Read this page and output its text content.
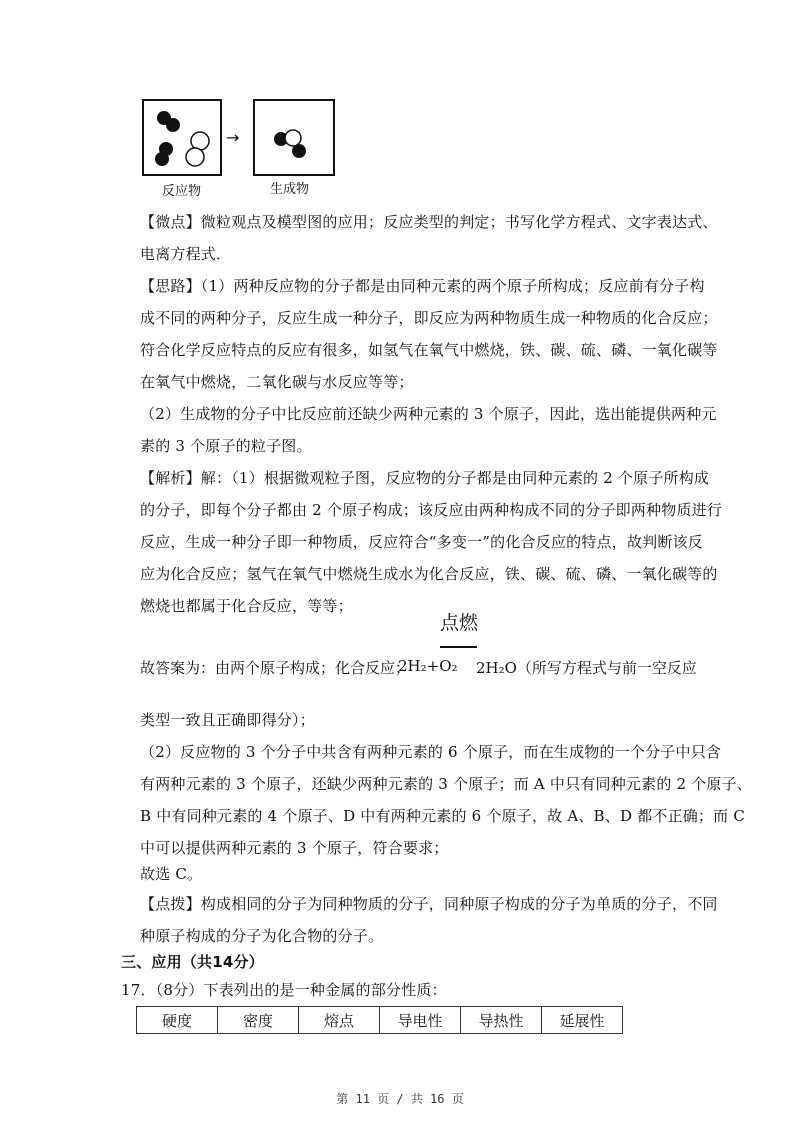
→
反应物	生成物
【微点】微粒观点及模型图的应用；反应类型的判定；书写化学方程式、文字表达式、
电离方程式．
【思路】（1）两种反应物的分子都是由同种元素的两个原子所构成；反应前有分子构
成不同的两种分子，反应生成一种分子，即反应为两种物质生成一种物质的化合反应；
符合化学反应特点的反应有很多，如氢气在氧气中燃烧，铁、碳、硫、磷、一氧化碳等
在氧气中燃烧，二氧化碳与水反应等等；
（2）生成物的分子中比反应前还缺少两种元素的 3 个原子，因此，选出能提供两种元
素的 3 个原子的粒子图。
【解析】解：（1）根据微观粒子图，反应物的分子都是由同种元素的 2 个原子所构成
的分子，即每个分子都由 2 个原子构成；该反应由两种构成不同的分子即两种物质进行
反应，生成一种分子即一种物质，反应符合“多变一”的化合反应的特点，故判断该反
应为化合反应；氢气在氧气中燃烧生成水为化合反应，铁、碳、硫、磷、一氧化碳等的
燃烧也都属于化合反应，等等；
点燃
故答案为：由两个原子构成；化合反应；
2H₂+O₂ 2H₂O（所写方程式与前一空反应
类型一致且正确即得分）；
（2）反应物的 3 个分子中共含有两种元素的 6 个原子，而在生成物的一个分子中只含
有两种元素的 3 个原子，还缺少两种元素的 3 个原子；而 A 中只有同种元素的 2 个原子、
B 中有同种元素的 4 个原子、D 中有两种元素的 6 个原子，故 A、B、D 都不正确；而 C
中可以提供两种元素的 3 个原子，符合要求；
故选 C。
【点拨】构成相同的分子为同种物质的分子，同种原子构成的分子为单质的分子，不同
种原子构成的分子为化合物的分子。
三、应用（共14分）
17．（8分）下表列出的是一种金属的部分性质：
硬度	密度	熔点	导电性	导热性	延展性
第 11 页 / 共 16 页
